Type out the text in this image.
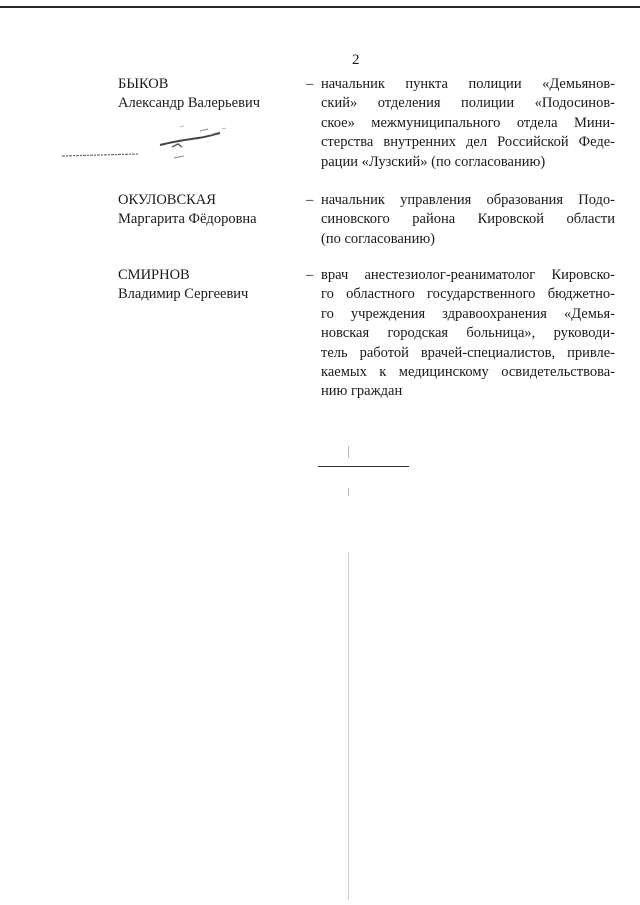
2
БЫКОВ
Александр Валерьевич
– начальник пункта полиции «Демьянов-
ский» отделения полиции «Подосинов-
ское» межмуниципального отдела Мини-
стерства внутренних дел Российской Феде-
рации «Лузский» (по согласованию)
ОКУЛОВСКАЯ
Маргарита Фёдоровна
– начальник управления образования Подо-
синовского района Кировской области
(по согласованию)
СМИРНОВ
Владимир Сергеевич
– врач анестезиолог-реаниматолог Кировско-
го областного государственного бюджетно-
го учреждения здравоохранения «Демья-
новская городская больница», руководи-
тель работой врачей-специалистов, привле-
каемых к медицинскому освидетельствова-
нию граждан
